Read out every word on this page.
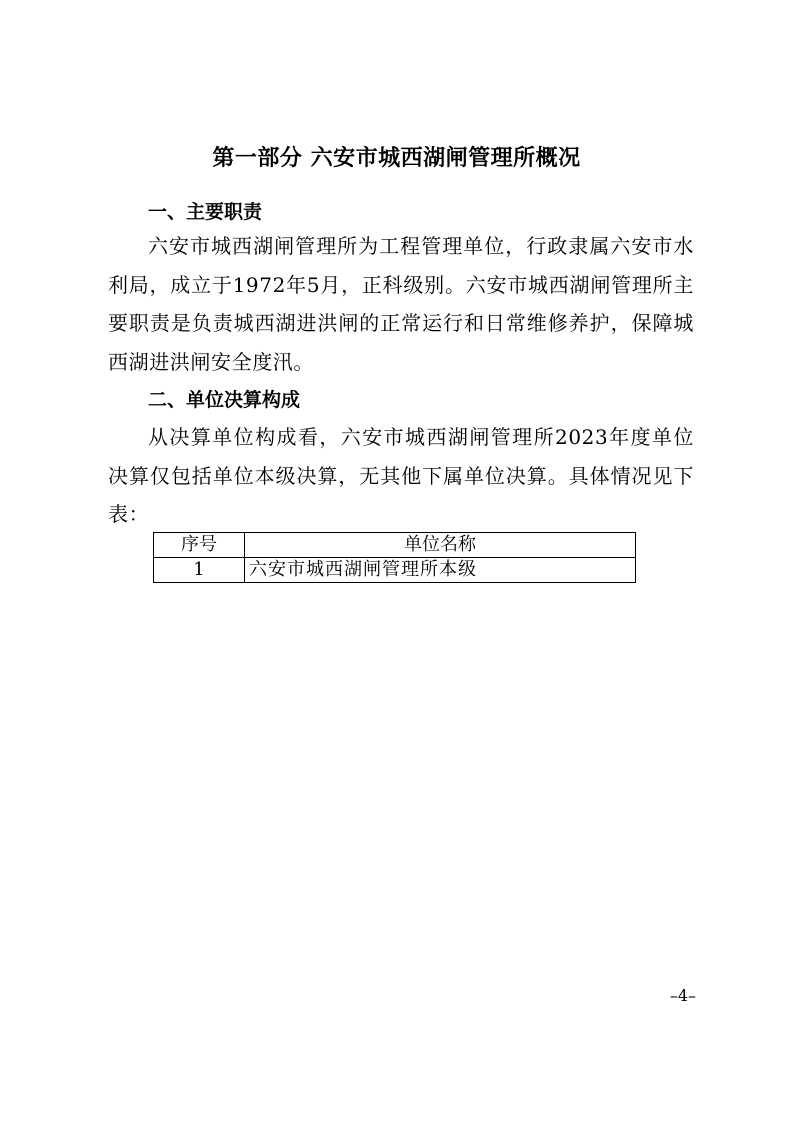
第一部分 六安市城西湖闸管理所概况
一、主要职责
六安市城西湖闸管理所为工程管理单位，行政隶属六安市水利局，成立于1972年5月，正科级别。六安市城西湖闸管理所主要职责是负责城西湖进洪闸的正常运行和日常维修养护，保障城西湖进洪闸安全度汛。
二、单位决算构成
从决算单位构成看，六安市城西湖闸管理所2023年度单位决算仅包括单位本级决算，无其他下属单位决算。具体情况见下表：
序号	单位名称
1	六安市城西湖闸管理所本级
–4–
